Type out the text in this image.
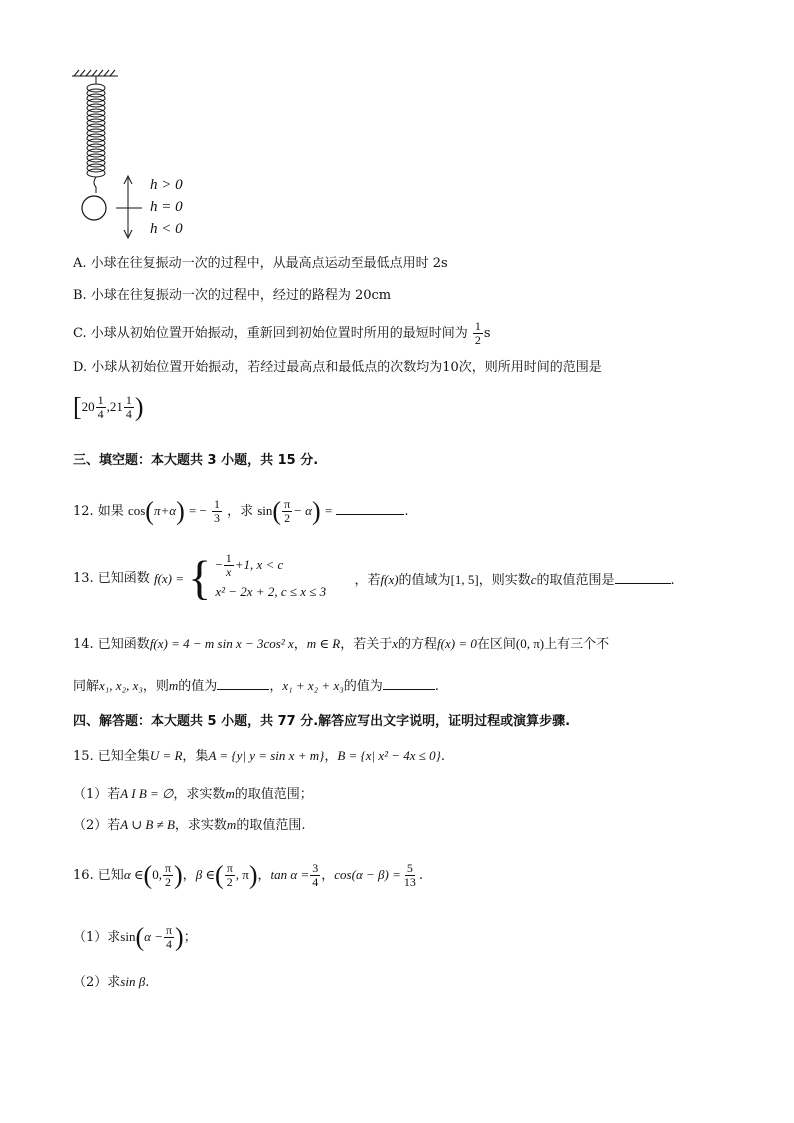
h > 0
h = 0
h < 0
A. 小球在往复振动一次的过程中，从最高点运动至最低点用时 2s
B. 小球在往复振动一次的过程中，经过的路程为 20cm
C. 小球从初始位置开始振动，重新回到初始位置时所用的最短时间为 $\frac{1}{2}$ s
D. 小球从初始位置开始振动，若经过最高点和最低点的次数均为10次，则所用时间的范围是
[$20 \frac{1}{4} ,21 \frac{1}{4}$ )
三、填空题：本大题共 3 小题，共 15 分.
12. 如果 cos(π+α) = − $\frac{1}{3}$ ，求 $\sin( \frac{\pi}{2} - \alpha)$ =	.
13. 已知函数 f(x) = { − $\frac{1}{x} +1$, x < c
x² − 2x + 2, c ≤ x ≤ 3
，若f(x)的值域为[1, 5]，则实数c的取值范围是	.
14. 已知函数f(x) = 4 − m sin x − 3cos² x，m ∈ R，若关于x的方程f(x) = 0在区间(0, π)上有三个不
同解x₁, x₂, x₃，则m的值为	，x₁ + x₂ + x₃的值为	.
四、解答题：本大题共 5 小题，共 77 分.解答应写出文字说明，证明过程或演算步骤.
15. 已知全集U = R，集A = {y| y = sin x + m}，B = {x| x² − 4x ≤ 0}.
（1）若A I B = ∅，求实数m的取值范围；
（2）若A ∪ B ≠ B，求实数m的取值范围.
16. 已知α ∈(0, $\frac{\pi}{2}$ )，β ∈( $\frac{\pi}{2}$ , π)，$\tan \alpha = \frac{3}{4}$ ，$\cos(\alpha - \beta) = \frac{5}{13}$ .
（1）求$\sin(\alpha - \frac{\pi}{4}$ )；
（2）求sin β.
